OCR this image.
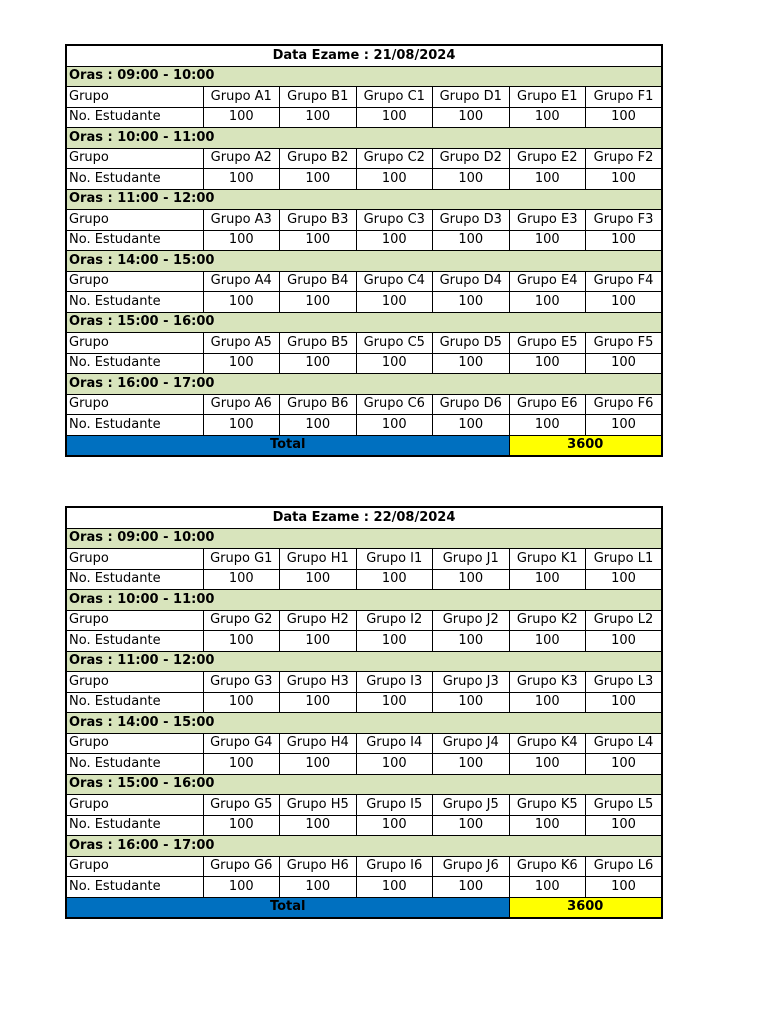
Data Ezame : 21/08/2024						
Oras : 09:00 - 10:00						
Grupo	Grupo A1	Grupo B1	Grupo C1	Grupo D1	Grupo E1	Grupo F1
No. Estudante	100	100	100	100	100	100
Oras : 10:00 - 11:00						
Grupo	Grupo A2	Grupo B2	Grupo C2	Grupo D2	Grupo E2	Grupo F2
No. Estudante	100	100	100	100	100	100
Oras : 11:00 - 12:00						
Grupo	Grupo A3	Grupo B3	Grupo C3	Grupo D3	Grupo E3	Grupo F3
No. Estudante	100	100	100	100	100	100
Oras : 14:00 - 15:00						
Grupo	Grupo A4	Grupo B4	Grupo C4	Grupo D4	Grupo E4	Grupo F4
No. Estudante	100	100	100	100	100	100
Oras : 15:00 - 16:00						
Grupo	Grupo A5	Grupo B5	Grupo C5	Grupo D5	Grupo E5	Grupo F5
No. Estudante	100	100	100	100	100	100
Oras : 16:00 - 17:00						
Grupo	Grupo A6	Grupo B6	Grupo C6	Grupo D6	Grupo E6	Grupo F6
No. Estudante	100	100	100	100	100	100
Total					3600	
Data Ezame : 22/08/2024						
Oras : 09:00 - 10:00						
Grupo	Grupo G1	Grupo H1	Grupo I1	Grupo J1	Grupo K1	Grupo L1
No. Estudante	100	100	100	100	100	100
Oras : 10:00 - 11:00						
Grupo	Grupo G2	Grupo H2	Grupo I2	Grupo J2	Grupo K2	Grupo L2
No. Estudante	100	100	100	100	100	100
Oras : 11:00 - 12:00						
Grupo	Grupo G3	Grupo H3	Grupo I3	Grupo J3	Grupo K3	Grupo L3
No. Estudante	100	100	100	100	100	100
Oras : 14:00 - 15:00						
Grupo	Grupo G4	Grupo H4	Grupo I4	Grupo J4	Grupo K4	Grupo L4
No. Estudante	100	100	100	100	100	100
Oras : 15:00 - 16:00						
Grupo	Grupo G5	Grupo H5	Grupo I5	Grupo J5	Grupo K5	Grupo L5
No. Estudante	100	100	100	100	100	100
Oras : 16:00 - 17:00						
Grupo	Grupo G6	Grupo H6	Grupo I6	Grupo J6	Grupo K6	Grupo L6
No. Estudante	100	100	100	100	100	100
Total					3600	
